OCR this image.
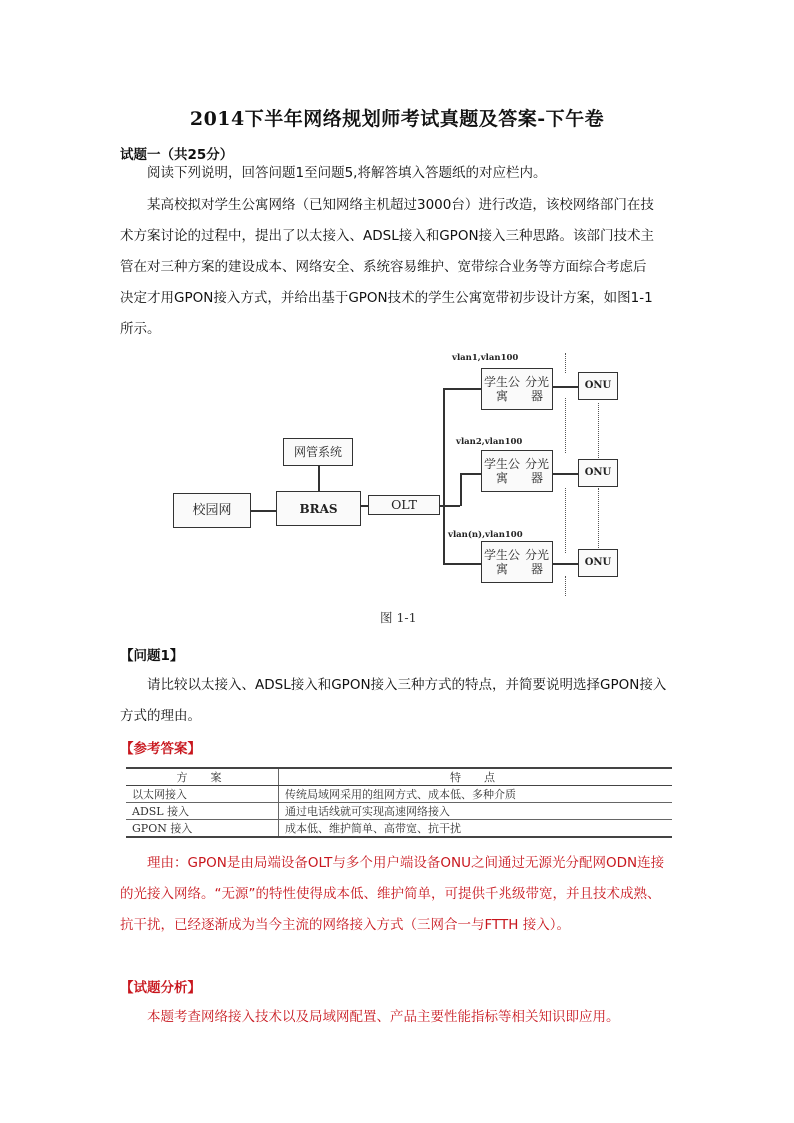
2014下半年网络规划师考试真题及答案-下午卷
试题一（共25分）
阅读下列说明，回答问题1至问题5,将解答填入答题纸的对应栏内。
某高校拟对学生公寓网络（已知网络主机超过3000台）进行改造，该校网络部门在技
术方案讨论的过程中，提出了以太接入、ADSL接入和GPON接入三种思路。该部门技术主
管在对三种方案的建设成本、网络安全、系统容易维护、宽带综合业务等方面综合考虑后
决定才用GPON接入方式，并给出基于GPON技术的学生公寓宽带初步设计方案，如图1-1
所示。
校园网
网管系统
BRAS	OLT
学生公寓

分光器
学生公寓

分光器
学生公寓

分光器
ONU
ONU
ONU
vlan1,vlan100
vlan2,vlan100
vlan(n),vlan100
图 1-1
【问题1】
请比较以太接入、ADSL接入和GPON接入三种方式的特点，并简要说明选择GPON接入
方式的理由。
【参考答案】
方　案	特　点
以太网接入	传统局域网采用的组网方式、成本低、多种介质
ADSL 接入	通过电话线就可实现高速网络接入
GPON 接入	成本低、维护简单、高带宽、抗干扰
理由：GPON是由局端设备OLT与多个用户端设备ONU之间通过无源光分配网ODN连接
的光接入网络。“无源”的特性使得成本低、维护简单，可提供千兆级带宽，并且技术成熟、
抗干扰，已经逐渐成为当今主流的网络接入方式（三网合一与FTTH 接入）。
【试题分析】
本题考查网络接入技术以及局域网配置、产品主要性能指标等相关知识即应用。
